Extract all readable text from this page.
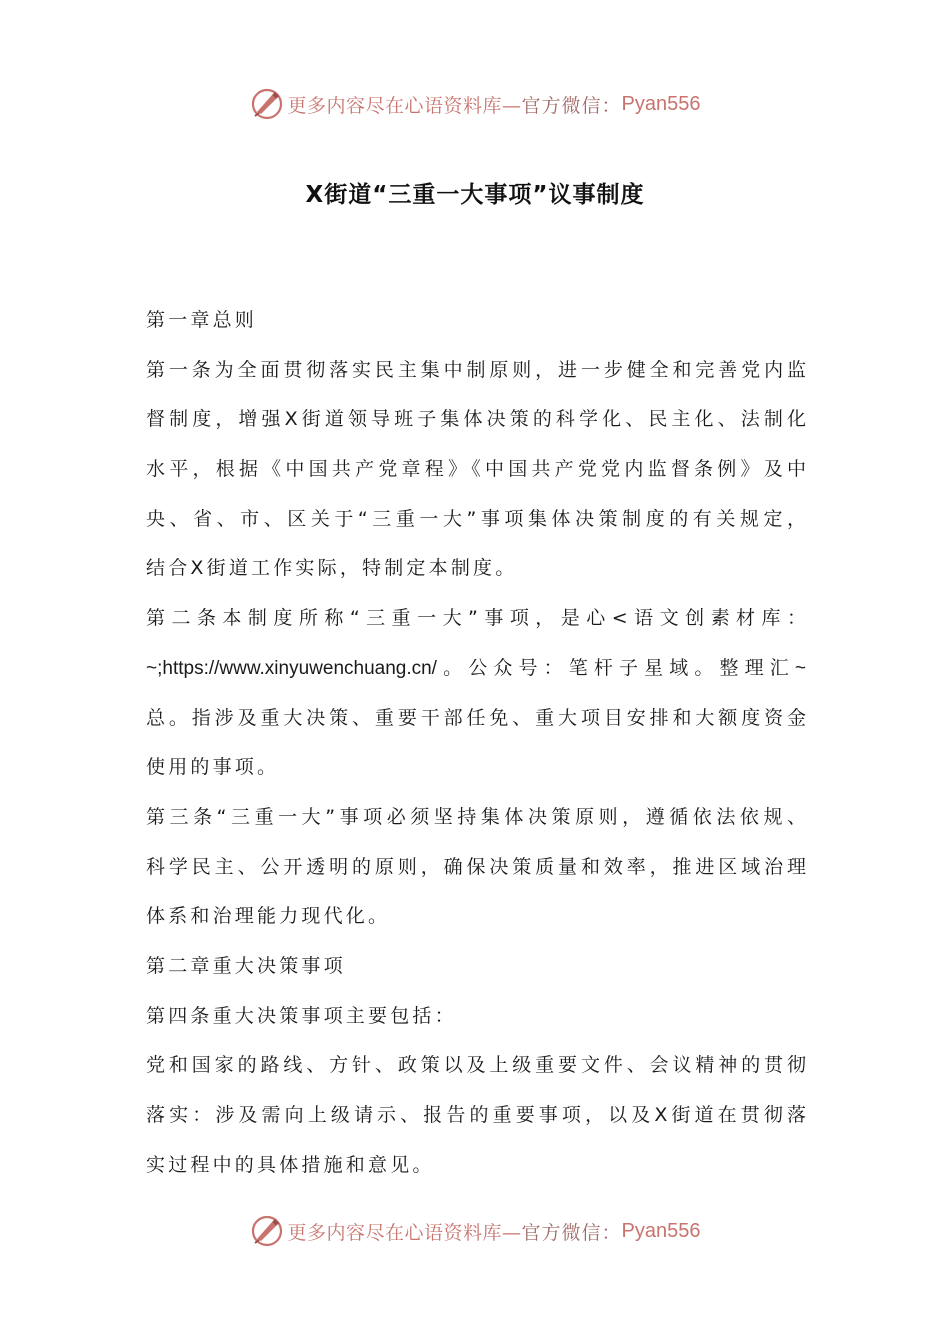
更多内容尽在心语资料库— 官方微信： Pyan556
X街道“三重一大事项”议事制度
第一章总则
第一条为全面贯彻落实民主集中制原则，进一步健全和完善党内监
督制度，增强X街道领导班子集体决策的科学化、民主化、法制化
水平，根据《中国共产党章程》《中国共产党党内监督条例》及中
央、省、市、区关于“三重一大”事项集体决策制度的有关规定，
结合X街道工作实际，特制定本制度。
第二条本制度所称“三重一大”事项，是心<语文创素材库：
~;https://www.xinyuwenchuang.cn/。公众号：笔杆子星域。整理汇~
总。指涉及重大决策、重要干部任免、重大项目安排和大额度资金
使用的事项。
第三条“三重一大”事项必须坚持集体决策原则，遵循依法依规、
科学民主、公开透明的原则，确保决策质量和效率，推进区域治理
体系和治理能力现代化。
第二章重大决策事项
第四条重大决策事项主要包括：
党和国家的路线、方针、政策以及上级重要文件、会议精神的贯彻
落实：涉及需向上级请示、报告的重要事项，以及X街道在贯彻落
实过程中的具体措施和意见。
更多内容尽在心语资料库— 官方微信： Pyan556
